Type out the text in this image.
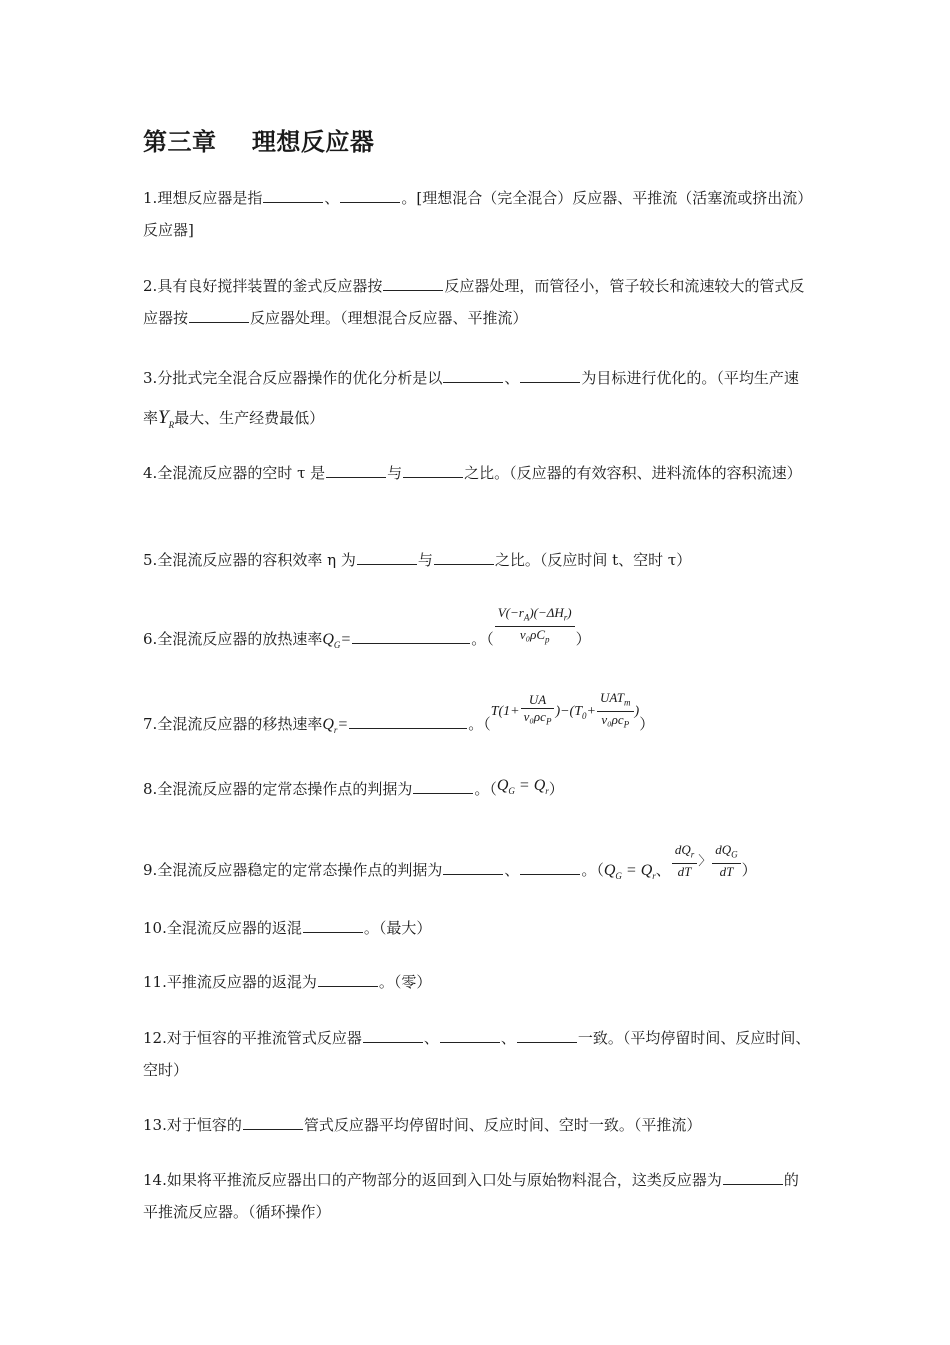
第三章    理想反应器

1.理想反应器是指	、	。[理想混合（完全混合）反应器、平推流（活塞流或挤出流）反应器]

2.具有良好搅拌装置的釜式反应器按	反应器处理，而管径小，管子较长和流速较大的管式反应器按	反应器处理。（理想混合反应器、平推流）

3.分批式完全混合反应器操作的优化分析是以	、	为目标进行优化的。（平均生产速率$Y_R$最大、生产经费最低）

4.全混流反应器的空时 τ 是	与	之比。（反应器的有效容积、进料流体的容积流速）

5.全混流反应器的容积效率 η 为	与	之比。（反应时间 t、空时 τ）

6.全混流反应器的放热速率$Q_G=$	。（ $\frac{V(-r_A)(-\Delta H_r)}{v_0\rho C_p}$ ）

7.全混流反应器的移热速率$Q_r=$	。（$T(1+ \frac{UA}{v_0\rho c_P} )-(T_0+ \frac{UAT_m}{v_0\rho c_P}$ )）

8.全混流反应器的定常态操作点的判据为	。$(Q_G = Q_r)$

9.全混流反应器稳定的定常态操作点的判据为	、	。（$Q_G = Q_r$、 $\frac{dQ_r}{dT}$ 〉 $\frac{dQ_G}{dT}$ ）

10.全混流反应器的返混	。（最大）

11.平推流反应器的返混为	。（零）

12.对于恒容的平推流管式反应器	、	、	一致。（平均停留时间、反应时间、空时）

13.对于恒容的	管式反应器平均停留时间、反应时间、空时一致。（平推流）

14.如果将平推流反应器出口的产物部分的返回到入口处与原始物料混合，这类反应器为	的平推流反应器。（循环操作）
